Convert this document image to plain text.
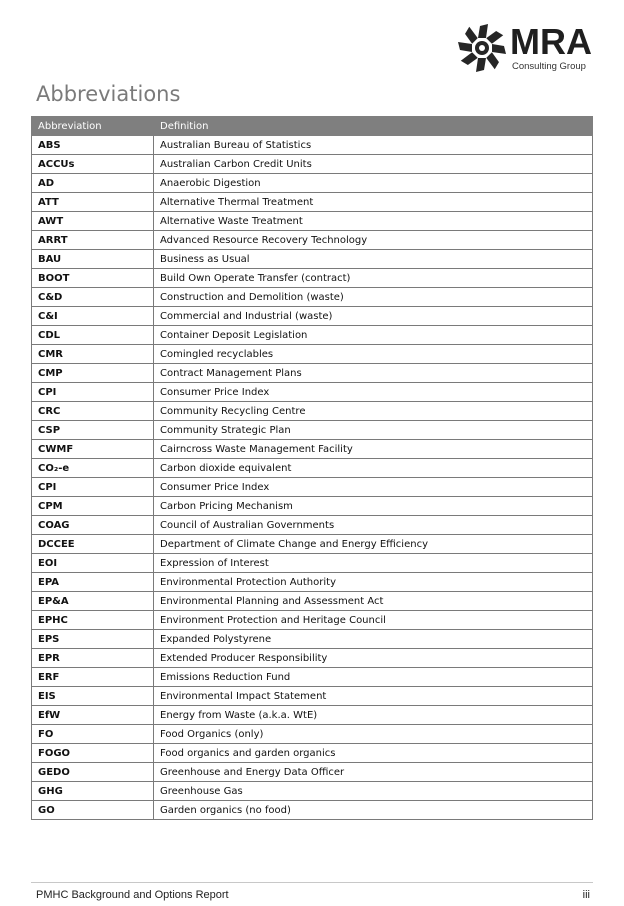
MRA
Consulting Group
Abbreviations
Abbreviation	Definition
ABS	Australian Bureau of Statistics
ACCUs	Australian Carbon Credit Units
AD	Anaerobic Digestion
ATT	Alternative Thermal Treatment
AWT	Alternative Waste Treatment
ARRT	Advanced Resource Recovery Technology
BAU	Business as Usual
BOOT	Build Own Operate Transfer (contract)
C&D	Construction and Demolition (waste)
C&I	Commercial and Industrial (waste)
CDL	Container Deposit Legislation
CMR	Comingled recyclables
CMP	Contract Management Plans
CPI	Consumer Price Index
CRC	Community Recycling Centre
CSP	Community Strategic Plan
CWMF	Cairncross Waste Management Facility
CO₂-e	Carbon dioxide equivalent
CPI	Consumer Price Index
CPM	Carbon Pricing Mechanism
COAG	Council of Australian Governments
DCCEE	Department of Climate Change and Energy Efficiency
EOI	Expression of Interest
EPA	Environmental Protection Authority
EP&A	Environmental Planning and Assessment Act
EPHC	Environment Protection and Heritage Council
EPS	Expanded Polystyrene
EPR	Extended Producer Responsibility
ERF	Emissions Reduction Fund
EIS	Environmental Impact Statement
EfW	Energy from Waste (a.k.a. WtE)
FO	Food Organics (only)
FOGO	Food organics and garden organics
GEDO	Greenhouse and Energy Data Officer
GHG	Greenhouse Gas
GO	Garden organics (no food)
PMHC Background and Options Report	iii
